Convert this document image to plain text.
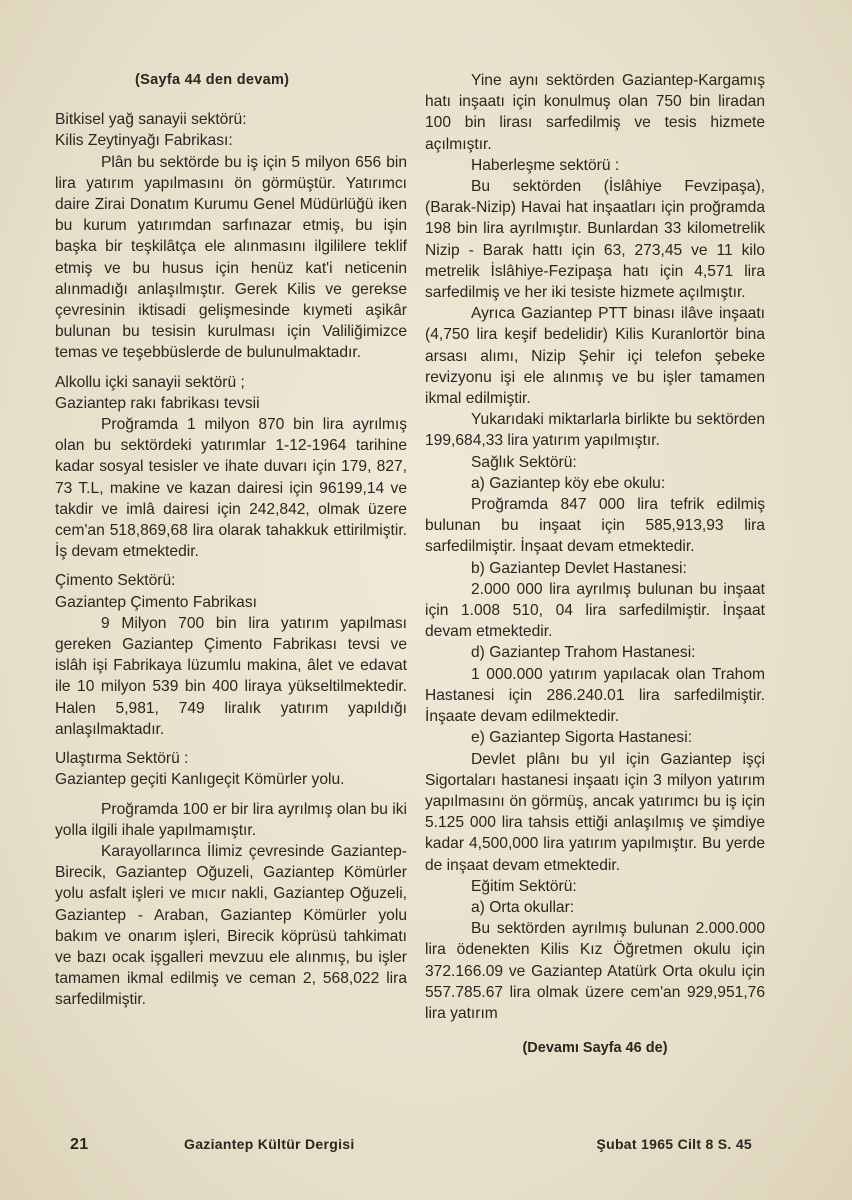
(Sayfa 44 den devam)

Bitkisel yağ sanayii sektörü:

Kilis Zeytinyağı Fabrikası:

Plân bu sektörde bu iş için 5 milyon 656 bin lira yatırım yapılmasını ön görmüştür. Yatırımcı daire Zirai Donatım Kurumu Genel Müdürlüğü iken bu kurum yatırımdan sarfınazar etmiş, bu işin başka bir teşkilâtça ele alınmasını ilgililere teklif etmiş ve bu husus için henüz kat'i neticenin alınmadığı anlaşılmıştır. Gerek Kilis ve gerekse çevresinin iktisadi gelişmesinde kıymeti aşikâr bulunan bu tesisin kurulması için Valiliğimizce temas ve teşebbüslerde de bulunulmaktadır.

Alkollu içki sanayii sektörü ;

Gaziantep rakı fabrikası tevsii

Proğramda 1 milyon 870 bin lira ayrılmış olan bu sektördeki yatırımlar 1-12-1964 tarihine kadar sosyal tesisler ve ihate duvarı için 179, 827, 73 T.L, makine ve kazan dairesi için 96199,14 ve takdir ve imlâ dairesi için 242,842, olmak üzere cem'an 518,869,68 lira olarak tahakkuk ettirilmiştir. İş devam etmektedir.

Çimento Sektörü:

Gaziantep Çimento Fabrikası

9 Milyon 700 bin lira yatırım yapılması gereken Gaziantep Çimento Fabrikası tevsi ve islâh işi Fabrikaya lüzumlu makina, âlet ve edavat ile 10 milyon 539 bin 400 liraya yükseltilmektedir. Halen 5,981, 749 liralık yatırım yapıldığı anlaşılmaktadır.

Ulaştırma Sektörü :

Gaziantep geçiti Kanlıgeçit Kömürler yolu.

Proğramda 100 er bir lira ayrılmış olan bu iki yolla ilgili ihale yapılmamıştır.

Karayollarınca İlimiz çevresinde Gaziantep-Birecik, Gaziantep Oğuzeli, Gaziantep Kömürler yolu asfalt işleri ve mıcır nakli, Gaziantep Oğuzeli, Gaziantep - Araban, Gaziantep Kömürler yolu bakım ve onarım işleri, Birecik köprüsü tahkimatı ve bazı ocak işgalleri mevzuu ele alınmış, bu işler tamamen ikmal edilmiş ve ceman 2, 568,022 lira sarfedilmiştir.

Yine aynı sektörden Gaziantep-Kargamış hatı inşaatı için konulmuş olan 750 bin liradan 100 bin lirası sarfedilmiş ve tesis hizmete açılmıştır.

Haberleşme sektörü :

Bu sektörden (İslâhiye Fevzipaşa), (Barak-Nizip) Havai hat inşaatları için proğramda 198 bin lira ayrılmıştır. Bunlardan 33 kilometrelik Nizip - Barak hattı için 63, 273,45 ve 11 kilo metrelik İslâhiye-Fezipaşa hatı için 4,571 lira sarfedilmiş ve her iki tesiste hizmete açılmıştır.

Ayrıca Gaziantep PTT binası ilâve inşaatı (4,750 lira keşif bedelidir) Kilis Kuranlortör bina arsası alımı, Nizip Şehir içi telefon şebeke revizyonu işi ele alınmış ve bu işler tamamen ikmal edilmiştir.

Yukarıdaki miktarlarla birlikte bu sektörden 199,684,33 lira yatırım yapılmıştır.

Sağlık Sektörü:

a) Gaziantep köy ebe okulu:

Proğramda 847 000 lira tefrik edilmiş bulunan bu inşaat için 585,913,93 lira sarfedilmiştir. İnşaat devam etmektedir.

b) Gaziantep Devlet Hastanesi:

2.000 000 lira ayrılmış bulunan bu inşaat için 1.008 510, 04 lira sarfedilmiştir. İnşaat devam etmektedir.

d) Gaziantep Trahom Hastanesi:

1 000.000 yatırım yapılacak olan Trahom Hastanesi için 286.240.01 lira sarfedilmiştir. İnşaate devam edilmektedir.

e) Gaziantep Sigorta Hastanesi:

Devlet plânı bu yıl için Gaziantep işçi Sigortaları hastanesi inşaatı için 3 milyon yatırım yapılmasını ön görmüş, ancak yatırımcı bu iş için 5.125 000 lira tahsis ettiği anlaşılmış ve şimdiye kadar 4,500,000 lira yatırım yapılmıştır. Bu yerde de inşaat devam etmektedir.

Eğitim Sektörü:

a) Orta okullar:

Bu sektörden ayrılmış bulunan 2.000.000 lira ödenekten Kilis Kız Öğretmen okulu için 372.166.09 ve Gaziantep Atatürk Orta okulu için 557.785.67 lira olmak üzere cem'an 929,951,76 lira yatırım

(Devamı Sayfa 46 de)
21	Gaziantep Kültür Dergisi	Şubat 1965 Cilt 8 S. 45
